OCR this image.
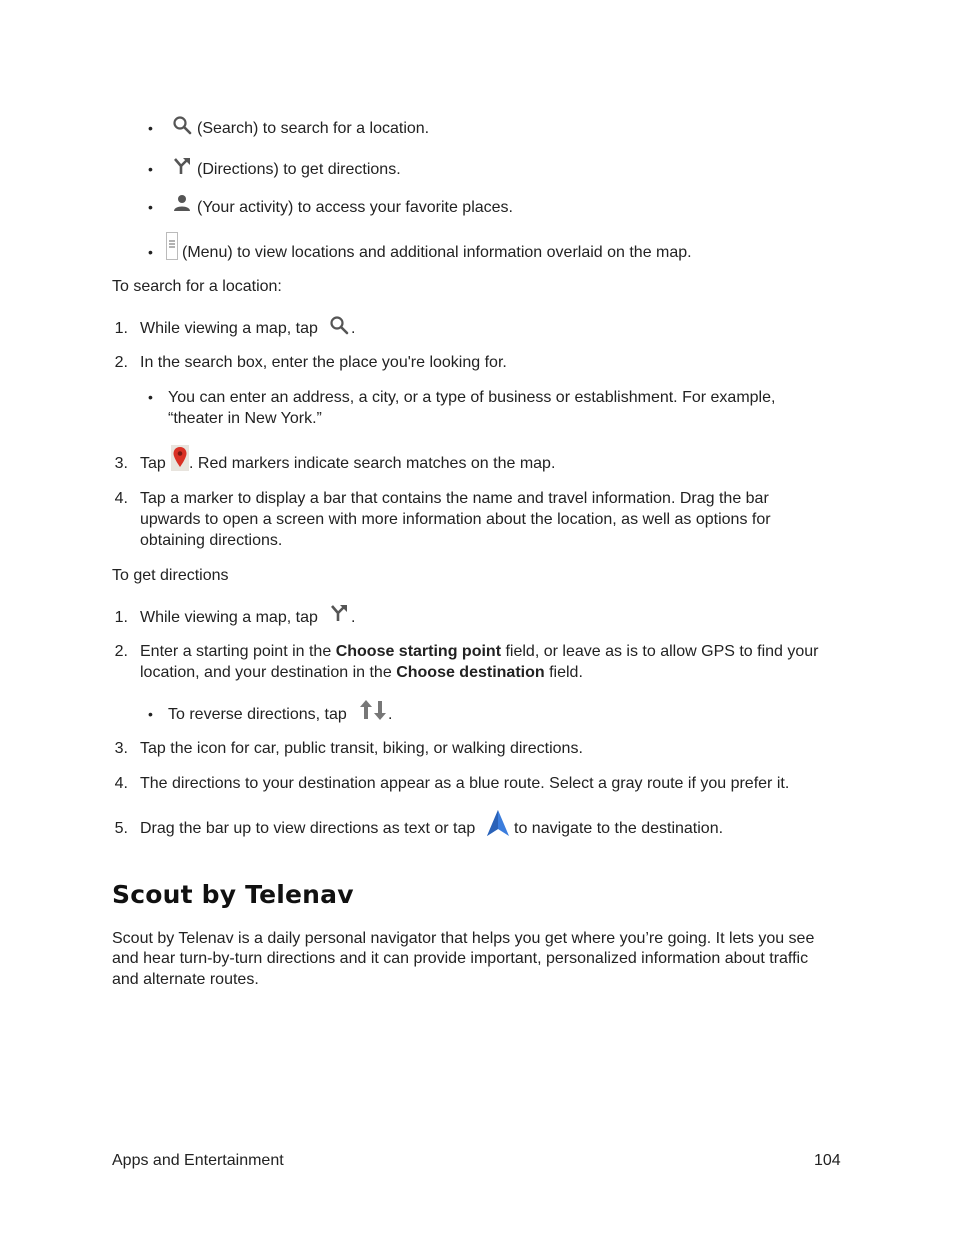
•	(Search) to search for a location.
•	(Directions) to get directions.
•	(Your activity) to access your favorite places.
• (Menu) to view locations and additional information overlaid on the map.
To search for a location:
1. While viewing a map, tap .
2. In the search box, enter the place you're looking for.
• You can enter an address, a city, or a type of business or establishment. For example,
“theater in New York.”
3. Tap . Red markers indicate search matches on the map.
4. Tap a marker to display a bar that contains the name and travel information. Drag the bar
upwards to open a screen with more information about the location, as well as options for
obtaining directions.
To get directions
1. While viewing a map, tap .
2. Enter a starting point in the Choose starting point field, or leave as is to allow GPS to find your
location, and your destination in the Choose destination field.
• To reverse directions, tap	.
3. Tap the icon for car, public transit, biking, or walking directions.
4. The directions to your destination appear as a blue route. Select a gray route if you prefer it.
5. Drag the bar up to view directions as text or tap to navigate to the destination.
Scout by Telenav
Scout by Telenav is a daily personal navigator that helps you get where you’re going. It lets you see
and hear turn-by-turn directions and it can provide important, personalized information about traffic
and alternate routes.
Apps and Entertainment	104
